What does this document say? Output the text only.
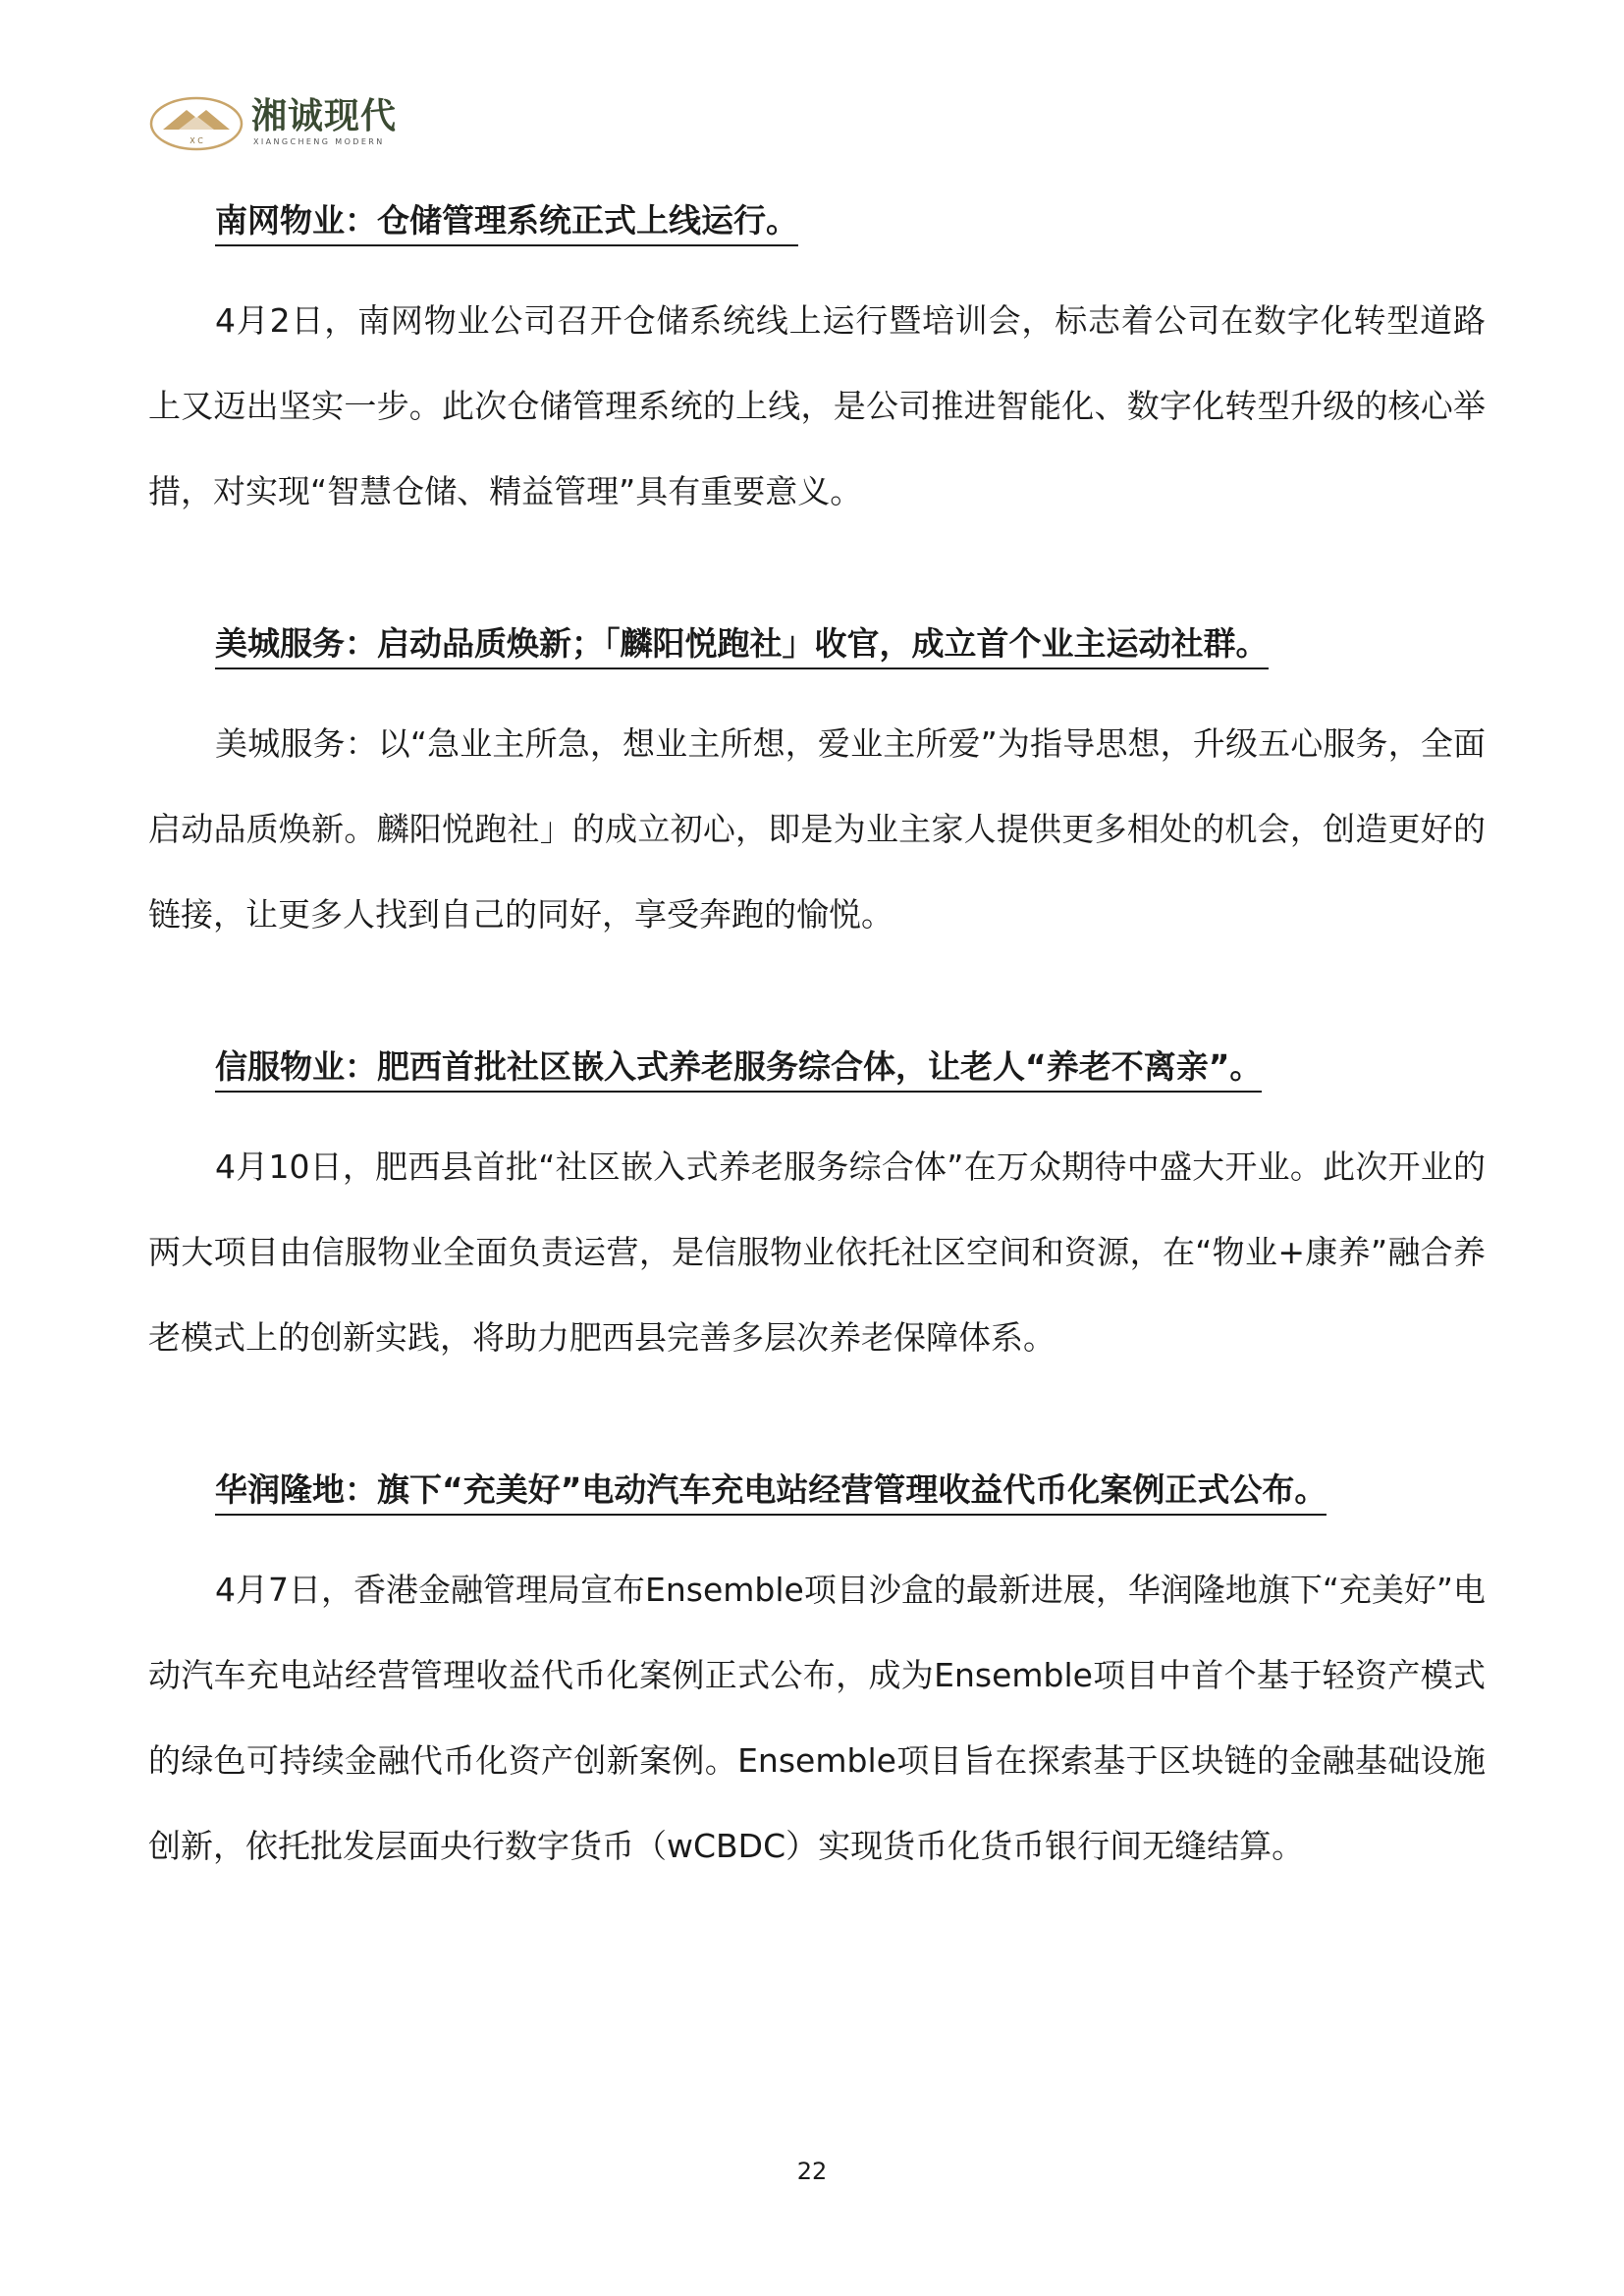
X C
湘诚现代
XIANGCHENG MODERN
南网物业：仓储管理系统正式上线运行。

4月2日，南网物业公司召开仓储系统线上运行暨培训会，标志着公司在数字化转型道路上又迈出坚实一步。此次仓储管理系统的上线，是公司推进智能化、数字化转型升级的核心举措，对实现“智慧仓储、精益管理”具有重要意义。

美城服务：启动品质焕新；「麟阳悦跑社」收官，成立首个业主运动社群。

美城服务：以“急业主所急，想业主所想，爱业主所爱”为指导思想，升级五心服务，全面启动品质焕新。麟阳悦跑社」的成立初心，即是为业主家人提供更多相处的机会，创造更好的链接，让更多人找到自己的同好，享受奔跑的愉悦。

信服物业：肥西首批社区嵌入式养老服务综合体，让老人“养老不离亲”。

4月10日，肥西县首批“社区嵌入式养老服务综合体”在万众期待中盛大开业。此次开业的两大项目由信服物业全面负责运营，是信服物业依托社区空间和资源，在“物业+康养”融合养老模式上的创新实践，将助力肥西县完善多层次养老保障体系。

华润隆地：旗下“充美好”电动汽车充电站经营管理收益代币化案例正式公布。

4月7日，香港金融管理局宣布Ensemble项目沙盒的最新进展，华润隆地旗下“充美好”电动汽车充电站经营管理收益代币化案例正式公布，成为Ensemble项目中首个基于轻资产模式的绿色可持续金融代币化资产创新案例。Ensemble项目旨在探索基于区块链的金融基础设施创新，依托批发层面央行数字货币（wCBDC）实现货币化货币银行间无缝结算。

22
